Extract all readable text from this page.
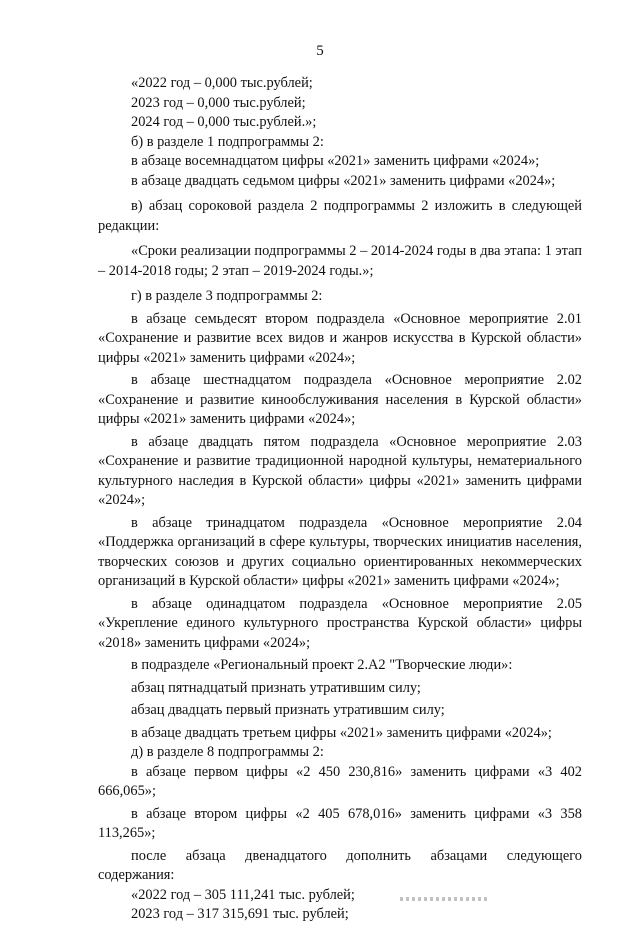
5

«2022 год – 0,000 тыс.рублей;

2023 год – 0,000 тыс.рублей;

2024 год – 0,000 тыс.рублей.»;

б) в разделе 1 подпрограммы 2:

в абзаце восемнадцатом цифры «2021» заменить цифрами «2024»;

в абзаце двадцать седьмом цифры «2021» заменить цифрами «2024»;

в) абзац сороковой раздела 2 подпрограммы 2 изложить в следующей редакции:

«Сроки реализации подпрограммы 2 – 2014-2024 годы в два этапа: 1 этап – 2014-2018 годы; 2 этап – 2019-2024 годы.»;

г) в разделе 3 подпрограммы 2:

в абзаце семьдесят втором подраздела «Основное мероприятие 2.01 «Сохранение и развитие всех видов и жанров искусства в Курской области» цифры «2021» заменить цифрами «2024»;

в абзаце шестнадцатом подраздела «Основное мероприятие 2.02 «Сохранение и развитие кинообслуживания населения в Курской области» цифры «2021» заменить цифрами «2024»;

в абзаце двадцать пятом подраздела «Основное мероприятие 2.03 «Сохранение и развитие традиционной народной культуры, нематериального культурного наследия в Курской области» цифры «2021» заменить цифрами «2024»;

в абзаце тринадцатом подраздела «Основное мероприятие 2.04 «Поддержка организаций в сфере культуры, творческих инициатив населения, творческих союзов и других социально ориентированных некоммерческих организаций в Курской области» цифры «2021» заменить цифрами «2024»;

в абзаце одинадцатом подраздела «Основное мероприятие 2.05 «Укрепление единого культурного пространства Курской области» цифры «2018» заменить цифрами «2024»;

в подразделе «Региональный проект 2.А2 "Творческие люди»:

абзац пятнадцатый признать утратившим силу;

абзац двадцать первый признать утратившим силу;

в абзаце двадцать третьем цифры «2021» заменить цифрами «2024»;

д) в разделе 8 подпрограммы 2:

в абзаце первом цифры «2 450 230,816» заменить цифрами «3 402 666,065»;

в абзаце втором цифры «2 405 678,016» заменить цифрами «3 358 113,265»;

после абзаца двенадцатого дополнить абзацами следующего содержания:

«2022 год – 305 111,241 тыс. рублей;

2023 год – 317 315,691 тыс. рублей;
